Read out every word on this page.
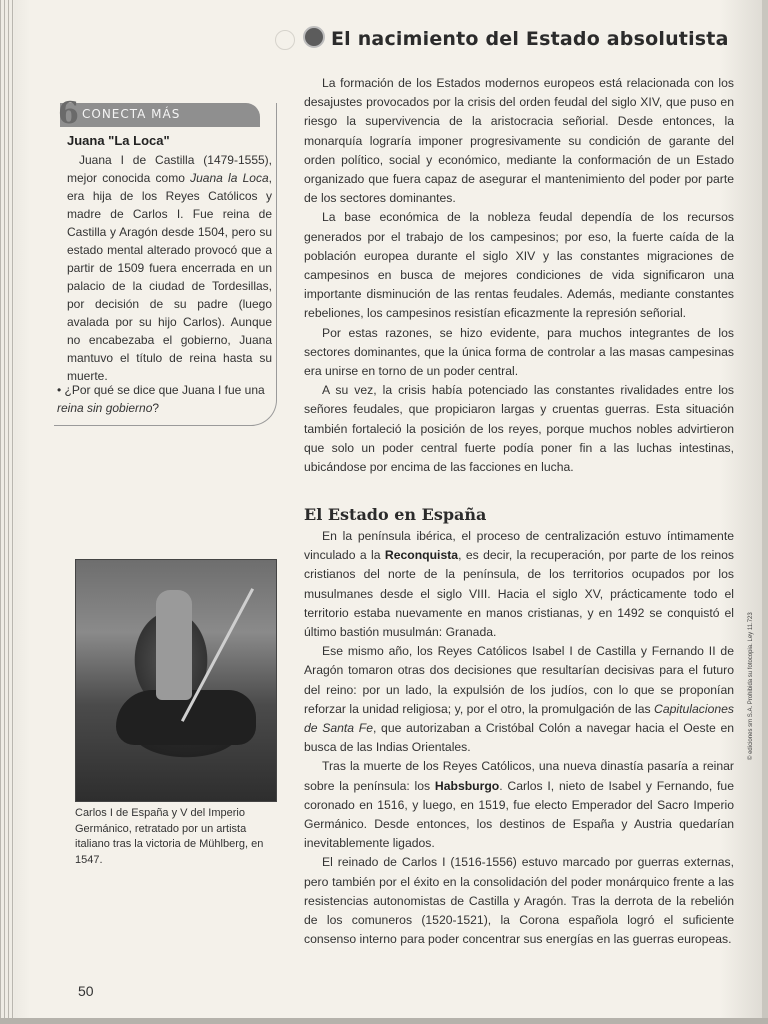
El nacimiento del Estado absolutista

La formación de los Estados modernos europeos está relacionada con los desajustes provocados por la crisis del orden feudal del siglo XIV, que puso en riesgo la supervivencia de la aristocracia señorial. Desde entonces, la monarquía lograría imponer progresivamente su condición de garante del orden político, social y económico, mediante la conformación de un Estado organizado que fuera capaz de asegurar el mantenimiento del poder por parte de los sectores dominantes.

La base económica de la nobleza feudal dependía de los recursos generados por el trabajo de los campesinos; por eso, la fuerte caída de la población europea durante el siglo XIV y las constantes migraciones de campesinos en busca de mejores condiciones de vida significaron una importante disminución de las rentas feudales. Además, mediante constantes rebeliones, los campesinos resistían eficazmente la represión señorial.

Por estas razones, se hizo evidente, para muchos integrantes de los sectores dominantes, que la única forma de controlar a las masas campesinas era unirse en torno de un poder central.

A su vez, la crisis había potenciado las constantes rivalidades entre los señores feudales, que propiciaron largas y cruentas guerras. Esta situación también fortaleció la posición de los reyes, porque muchos nobles advirtieron que solo un poder central fuerte podía poner fin a las luchas intestinas, ubicándose por encima de las facciones en lucha.

El Estado en España

En la península ibérica, el proceso de centralización estuvo íntimamente vinculado a la Reconquista, es decir, la recuperación, por parte de los reinos cristianos del norte de la península, de los territorios ocupados por los musulmanes desde el siglo VIII. Hacia el siglo XV, prácticamente todo el territorio estaba nuevamente en manos cristianas, y en 1492 se conquistó el último bastión musulmán: Granada.

Ese mismo año, los Reyes Católicos Isabel I de Castilla y Fernando II de Aragón tomaron otras dos decisiones que resultarían decisivas para el futuro del reino: por un lado, la expulsión de los judíos, con lo que se proponían reforzar la unidad religiosa; y, por el otro, la promulgación de las Capitulaciones de Santa Fe, que autorizaban a Cristóbal Colón a navegar hacia el Oeste en busca de las Indias Orientales.

Tras la muerte de los Reyes Católicos, una nueva dinastía pasaría a reinar sobre la península: los Habsburgo. Carlos I, nieto de Isabel y Fernando, fue coronado en 1516, y luego, en 1519, fue electo Emperador del Sacro Imperio Germánico. Desde entonces, los destinos de España y Austria quedarían inevitablemente ligados.

El reinado de Carlos I (1516-1556) estuvo marcado por guerras externas, pero también por el éxito en la consolidación del poder monárquico frente a las resistencias autonomistas de Castilla y Aragón. Tras la derrota de la rebelión de los comuneros (1520-1521), la Corona española logró el suficiente consenso interno para poder concentrar sus energías en las guerras europeas.

CONECTA MÁS
6
Juana "La Loca"

Juana I de Castilla (1479-1555), mejor conocida como Juana la Loca, era hija de los Reyes Católicos y madre de Carlos I. Fue reina de Castilla y Aragón desde 1504, pero su estado mental alterado provocó que a partir de 1509 fuera encerrada en un palacio de la ciudad de Tordesillas, por decisión de su padre (luego avalada por su hijo Carlos). Aunque no encabezaba el gobierno, Juana mantuvo el título de reina hasta su muerte.

• ¿Por qué se dice que Juana I fue una reina sin gobierno?
Carlos I de España y V del Imperio Germánico, retratado por un artista italiano tras la victoria de Mühlberg, en 1547.
50
© ediciones sm S.A. Prohibida su fotocopia. Ley 11.723
